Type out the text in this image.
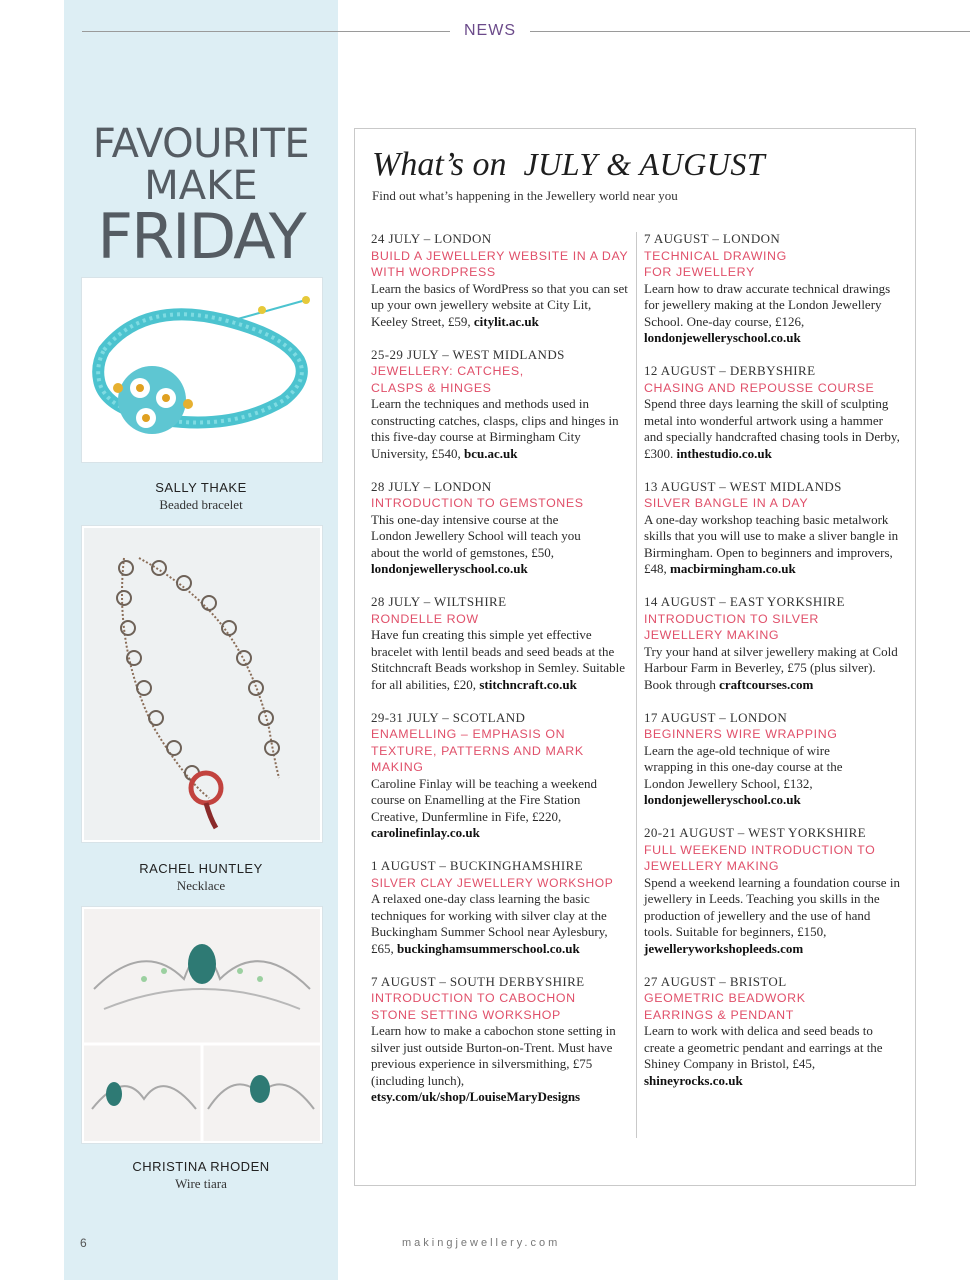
NEWS
FAVOURITE
MAKE
FRIDAY
SALLY THAKE
Beaded bracelet
RACHEL HUNTLEY
Necklace
CHRISTINA RHODEN
Wire tiara
What’s on JULY & AUGUST
Find out what’s happening in the Jewellery world near you
24 JULY – LONDON
BUILD A JEWELLERY WEBSITE IN A DAY WITH WORDPRESS
Learn the basics of WordPress so that you can set up your own jewellery website at City Lit, Keeley Street, £59, citylit.ac.uk
25-29 JULY – WEST MIDLANDS
JEWELLERY: CATCHES, CLASPS & HINGES
Learn the techniques and methods used in constructing catches, clasps, clips and hinges in this five-day course at Birmingham City University, £540, bcu.ac.uk
28 JULY – LONDON
INTRODUCTION TO GEMSTONES
This one-day intensive course at the London Jewellery School will teach you about the world of gemstones, £50, londonjewelleryschool.co.uk
28 JULY – WILTSHIRE
RONDELLE ROW
Have fun creating this simple yet effective bracelet with lentil beads and seed beads at the Stitchncraft Beads workshop in Semley. Suitable for all abilities, £20, stitchncraft.co.uk
29-31 JULY – SCOTLAND
ENAMELLING – EMPHASIS ON TEXTURE, PATTERNS AND MARK MAKING
Caroline Finlay will be teaching a weekend course on Enamelling at the Fire Station Creative, Dunfermline in Fife, £220, carolinefinlay.co.uk
1 AUGUST – BUCKINGHAMSHIRE
SILVER CLAY JEWELLERY WORKSHOP
A relaxed one-day class learning the basic techniques for working with silver clay at the Buckingham Summer School near Aylesbury, £65, buckinghamsummerschool.co.uk
7 AUGUST – SOUTH DERBYSHIRE
INTRODUCTION TO CABOCHON STONE SETTING WORKSHOP
Learn how to make a cabochon stone setting in silver just outside Burton-on-Trent. Must have previous experience in silversmithing, £75 (including lunch), etsy.com/uk/shop/LouiseMaryDesigns
7 AUGUST – LONDON
TECHNICAL DRAWING FOR JEWELLERY
Learn how to draw accurate technical drawings for jewellery making at the London Jewellery School. One-day course, £126, londonjewelleryschool.co.uk
12 AUGUST – DERBYSHIRE
CHASING AND REPOUSSE COURSE
Spend three days learning the skill of sculpting metal into wonderful artwork using a hammer and specially handcrafted chasing tools in Derby, £300. inthestudio.co.uk
13 AUGUST – WEST MIDLANDS
SILVER BANGLE IN A DAY
A one-day workshop teaching basic metalwork skills that you will use to make a sliver bangle in Birmingham. Open to beginners and improvers, £48, macbirmingham.co.uk
14 AUGUST – EAST YORKSHIRE
INTRODUCTION TO SILVER JEWELLERY MAKING
Try your hand at silver jewellery making at Cold Harbour Farm in Beverley, £75 (plus silver). Book through craftcourses.com
17 AUGUST – LONDON
BEGINNERS WIRE WRAPPING
Learn the age-old technique of wire wrapping in this one-day course at the London Jewellery School, £132, londonjewelleryschool.co.uk
20-21 AUGUST – WEST YORKSHIRE
FULL WEEKEND INTRODUCTION TO JEWELLERY MAKING
Spend a weekend learning a foundation course in jewellery in Leeds. Teaching you skills in the production of jewellery and the use of hand tools. Suitable for beginners, £150, jewelleryworkshopleeds.com
27 AUGUST – BRISTOL
GEOMETRIC BEADWORK EARRINGS & PENDANT
Learn to work with delica and seed beads to create a geometric pendant and earrings at the Shiney Company in Bristol, £45, shineyrocks.co.uk
6	makingjewellery.com
